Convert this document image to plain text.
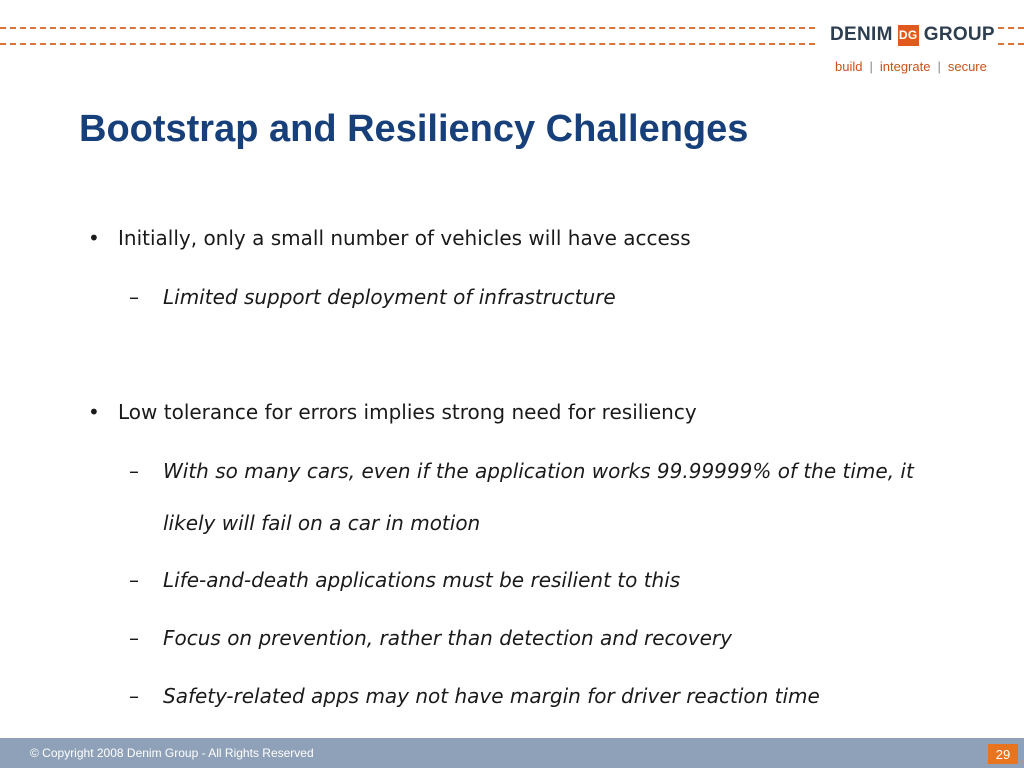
DENIM DG GROUP
build | integrate | secure
Bootstrap and Resiliency Challenges
• Initially, only a small number of vehicles will have access
– Limited support deployment of infrastructure
• Low tolerance for errors implies strong need for resiliency
– With so many cars, even if the application works 99.99999% of the time, it likely will fail on a car in motion
– Life-and-death applications must be resilient to this
– Focus on prevention, rather than detection and recovery
– Safety-related apps may not have margin for driver reaction time
© Copyright 2008 Denim Group - All Rights Reserved	29
